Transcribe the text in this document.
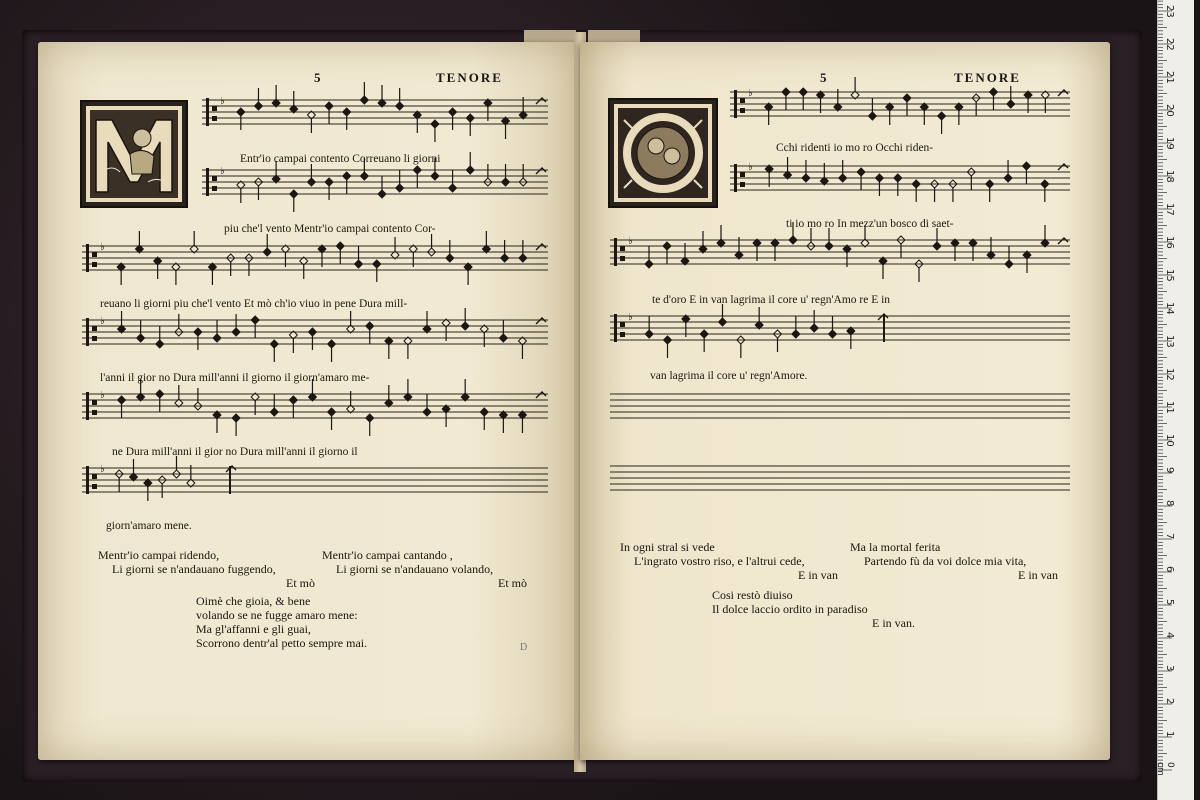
5	TENORE
♭
♭
♭
♭
♭
♭
Entr'io campai contento Correuano li giorni
piu che'l vento Mentr'io campai contento Cor-
reuano li giorni piu che'l vento Et mò ch'io viuo in pene Dura mill-
l'anni il gior no Dura mill'anni il giorno il giorn'amaro me-
ne Dura mill'anni il gior no Dura mill'anni il giorno il
giorn'amaro mene.
Mentr'io campai ridendo,
Li giorni se n'andauano fuggendo,
Et mò
Mentr'io campai cantando ,
Li giorni se n'andauano volando,
Et mò
Oimè che gioia, & bene
volando se ne fugge amaro mene:
Ma gl'affanni e gli guai,
Scorrono dentr'al petto sempre mai.	D
5	TENORE
♭
♭
♭
♭
Cchi ridenti io mo ro Occhi riden-
ti io mo ro In mezz'un bosco di saet-
te d'oro E in van lagrima il core u' regn'Amo re E in
van lagrima il core u' regn'Amore.
In ogni stral si vede
L'ingrato vostro riso, e l'altrui cede,
E in van
Ma la mortal ferita
Partendo fù da voi dolce mia vita,
E in van
Cosi restò diuiso
Il dolce laccio ordito in paradiso
E in van.
1
2
3
4
5
6
7
8
9
10
11
12
13
14
15
16
17
18
19
20
21
22
23
0 cm
